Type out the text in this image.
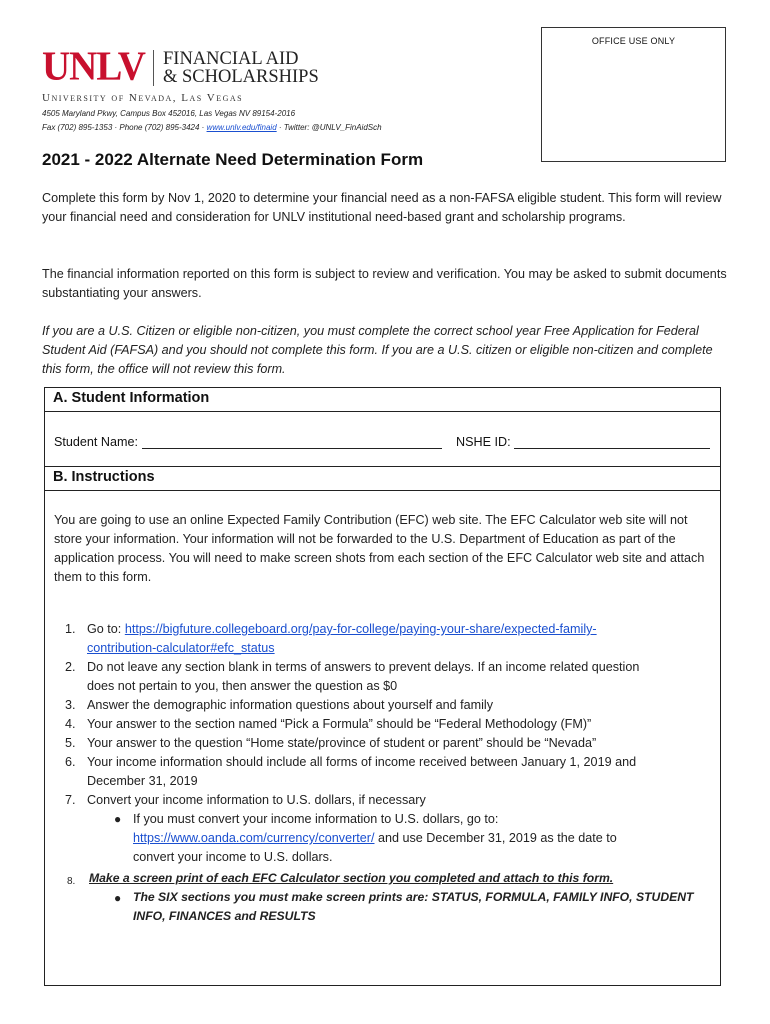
OFFICE USE ONLY
UNLV FINANCIAL AID
& SCHOLARSHIPS
University of Nevada, Las Vegas
4505 Maryland Pkwy, Campus Box 452016, Las Vegas NV 89154-2016
Fax (702) 895-1353 · Phone (702) 895-3424 · www.unlv.edu/finaid · Twitter: @UNLV_FinAidSch
2021 - 2022 Alternate Need Determination Form
Complete this form by Nov 1, 2020 to determine your financial need as a non-FAFSA eligible student. This form will review your financial need and consideration for UNLV institutional need-based grant and scholarship programs.
The financial information reported on this form is subject to review and verification. You may be asked to submit documents substantiating your answers.
If you are a U.S. Citizen or eligible non-citizen, you must complete the correct school year Free Application for Federal Student Aid (FAFSA) and you should not complete this form. If you are a U.S. citizen or eligible non-citizen and complete this form, the office will not review this form.
A. Student Information
Student Name:	NSHE ID:
B. Instructions
You are going to use an online Expected Family Contribution (EFC) web site. The EFC Calculator web site will not store your information. Your information will not be forwarded to the U.S. Department of Education as part of the application process. You will need to make screen shots from each section of the EFC Calculator web site and attach them to this form.
1. Go to: https://bigfuture.collegeboard.org/pay-for-college/paying-your-share/expected-family-
contribution-calculator#efc_status
2. Do not leave any section blank in terms of answers to prevent delays. If an income related question
does not pertain to you, then answer the question as $0
3. Answer the demographic information questions about yourself and family
4. Your answer to the section named “Pick a Formula” should be “Federal Methodology (FM)”
5. Your answer to the question “Home state/province of student or parent” should be “Nevada”
6. Your income information should include all forms of income received between January 1, 2019 and
December 31, 2019
7. Convert your income information to U.S. dollars, if necessary
● If you must convert your income information to U.S. dollars, go to:
https://www.oanda.com/currency/converter/ and use December 31, 2019 as the date to
convert your income to U.S. dollars.
8. Make a screen print of each EFC Calculator section you completed and attach to this form.
● The SIX sections you must make screen prints are: STATUS, FORMULA, FAMILY INFO, STUDENT
INFO, FINANCES and RESULTS
